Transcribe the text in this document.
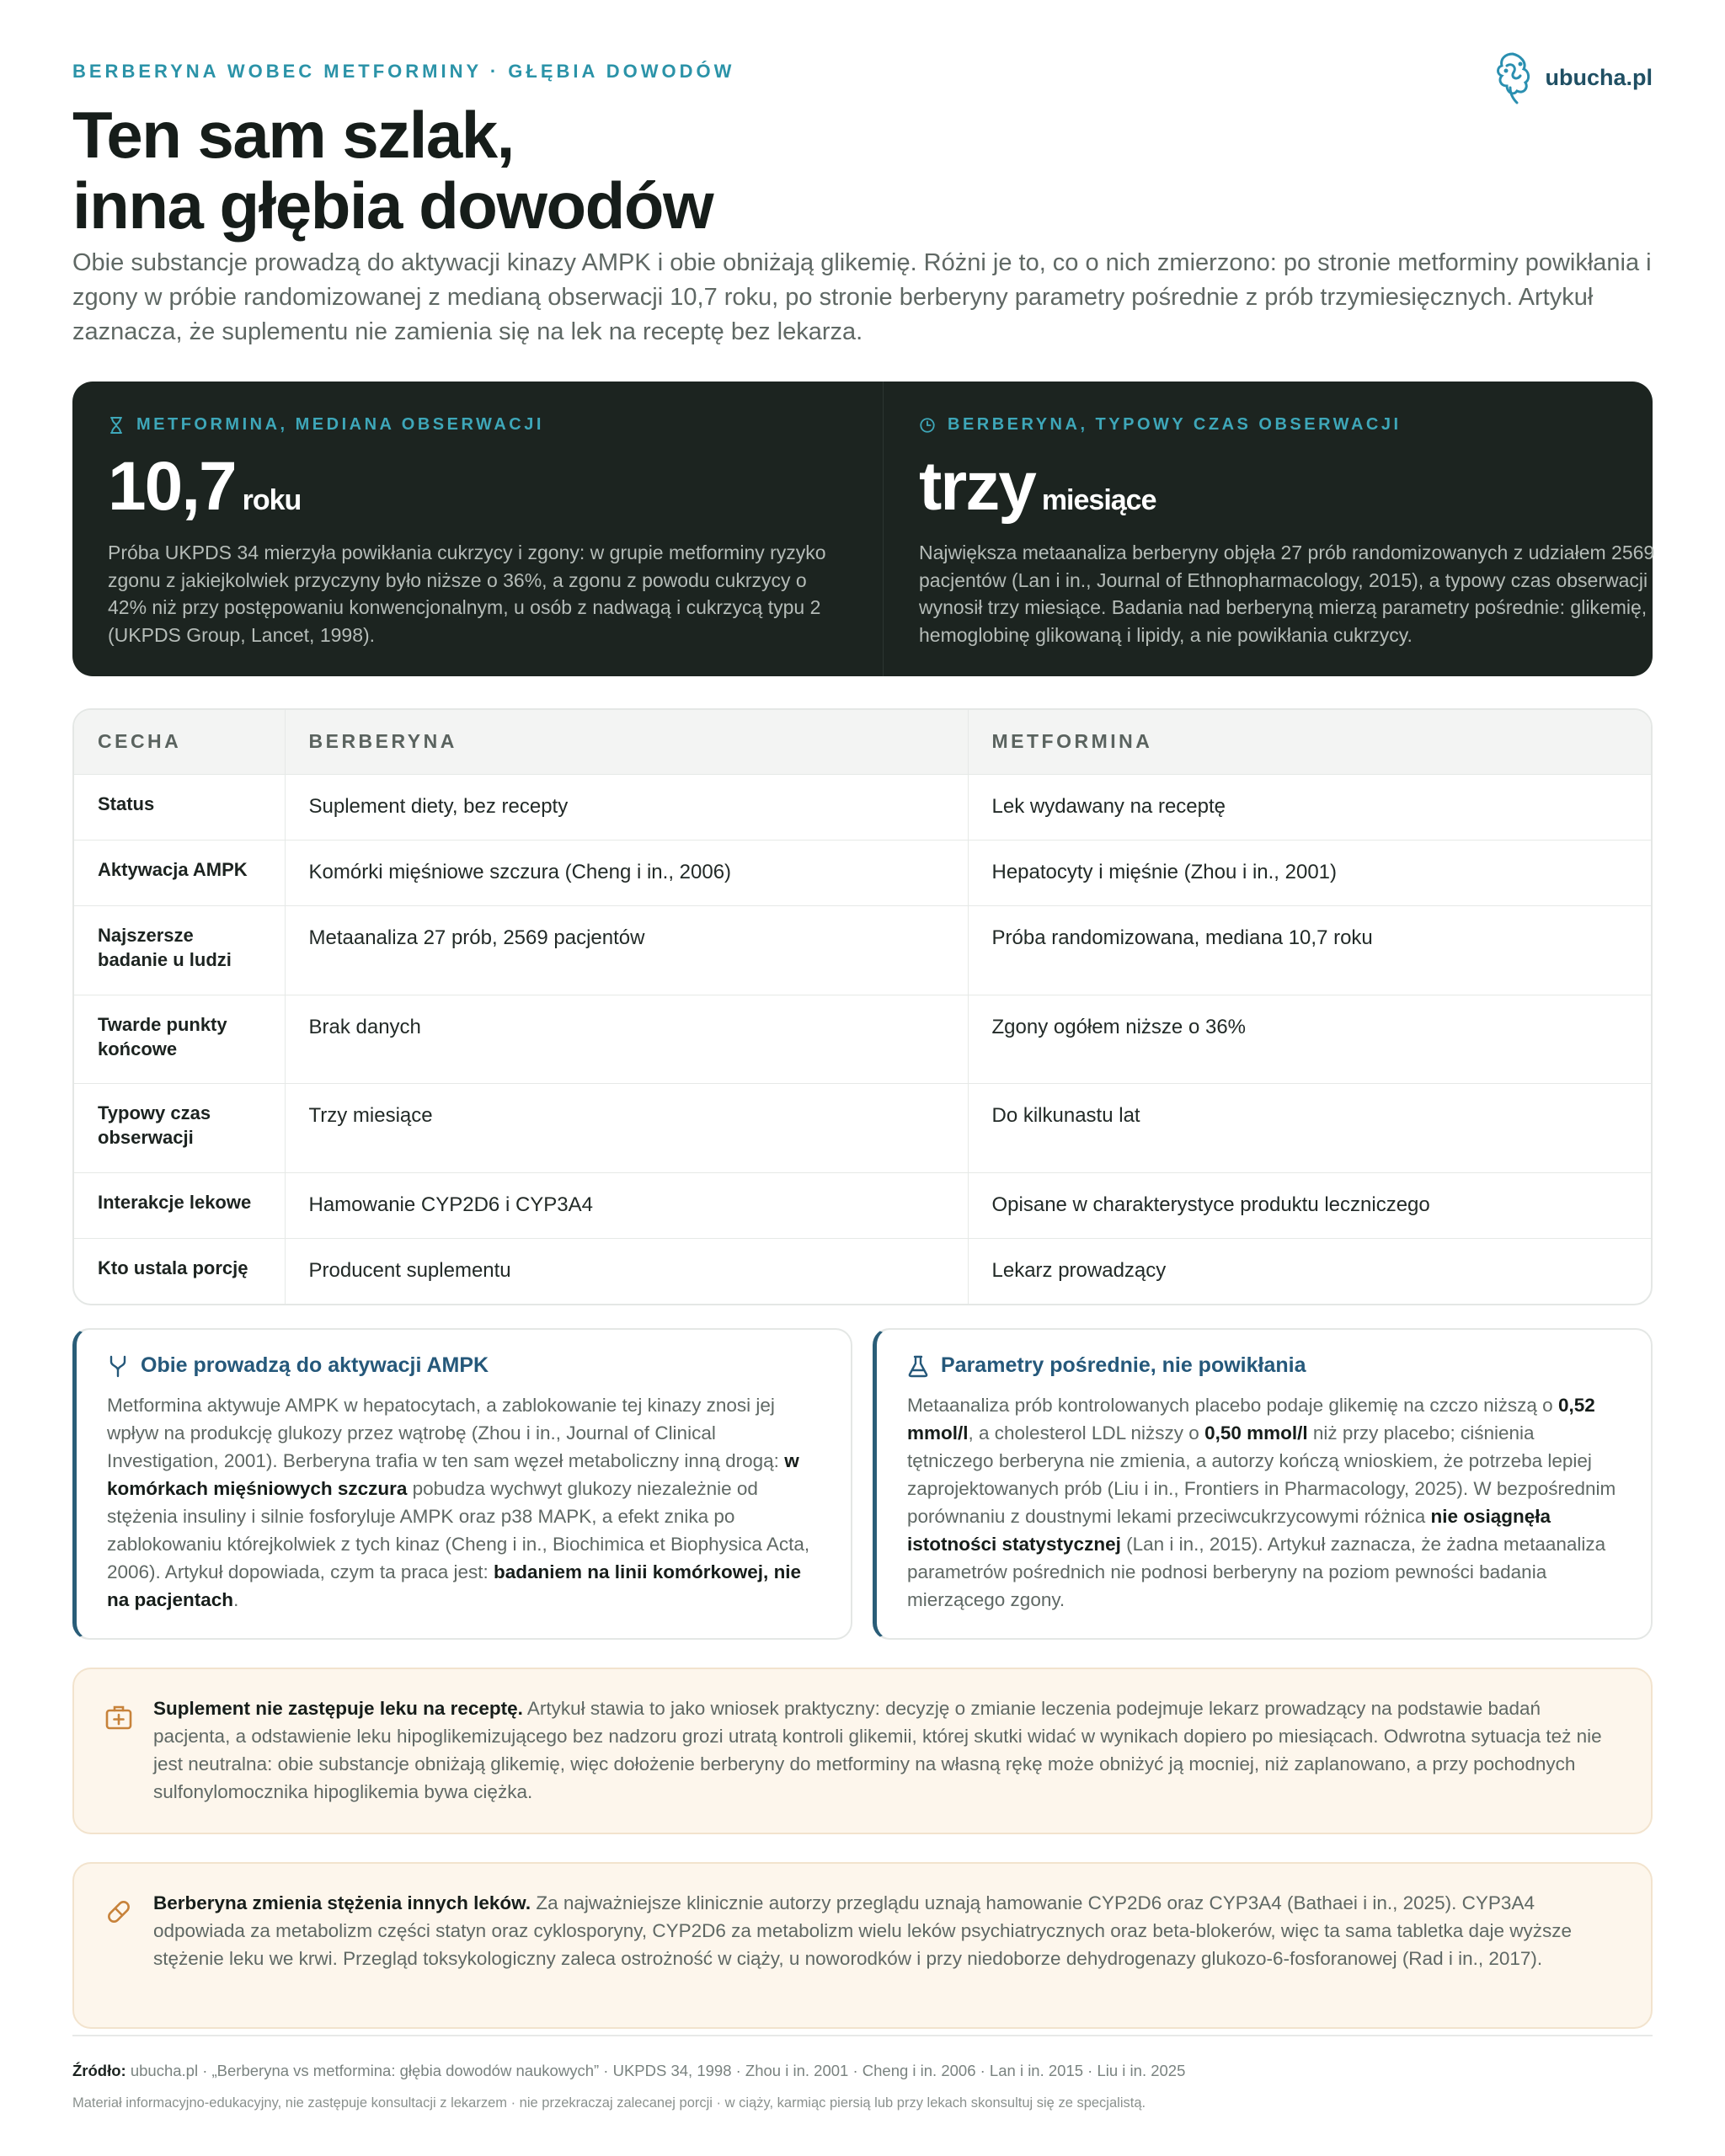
BERBERYNA WOBEC METFORMINY · GŁĘBIA DOWODÓW	ubucha.pl
Ten sam szlak,
inna głębia dowodów

Obie substancje prowadzą do aktywacji kinazy AMPK i obie obniżają glikemię. Różni je to, co o nich zmierzono: po stronie metforminy powikłania i zgony w próbie randomizowanej z medianą obserwacji 10,7 roku, po stronie berberyny parametry pośrednie z prób trzymiesięcznych. Artykuł zaznacza, że suplementu nie zamienia się na lek na receptę bez lekarza.

METFORMINA, MEDIANA OBSERWACJI
10,7 roku

Próba UKPDS 34 mierzyła powikłania cukrzycy i zgony: w grupie metforminy ryzyko zgonu z jakiejkolwiek przyczyny było niższe o 36%, a zgonu z powodu cukrzycy o 42% niż przy postępowaniu konwencjonalnym, u osób z nadwagą i cukrzycą typu 2 (UKPDS Group, Lancet, 1998).

BERBERYNA, TYPOWY CZAS OBSERWACJI
trzy miesiące

Największa metaanaliza berberyny objęła 27 prób randomizowanych z udziałem 2569 pacjentów (Lan i in., Journal of Ethnopharmacology, 2015), a typowy czas obserwacji wynosił trzy miesiące. Badania nad berberyną mierzą parametry pośrednie: glikemię, hemoglobinę glikowaną i lipidy, a nie powikłania cukrzycy.

CECHA	BERBERYNA	METFORMINA
Status	Suplement diety, bez recepty	Lek wydawany na receptę
Aktywacja AMPK	Komórki mięśniowe szczura (Cheng i in., 2006)	Hepatocyty i mięśnie (Zhou i in., 2001)
Najszersze badanie u ludzi	Metaanaliza 27 prób, 2569 pacjentów	Próba randomizowana, mediana 10,7 roku
Twarde punkty końcowe	Brak danych	Zgony ogółem niższe o 36%
Typowy czas obserwacji	Trzy miesiące	Do kilkunastu lat
Interakcje lekowe	Hamowanie CYP2D6 i CYP3A4	Opisane w charakterystyce produktu leczniczego
Kto ustala porcję	Producent suplementu	Lekarz prowadzący
Obie prowadzą do aktywacji AMPK

Metformina aktywuje AMPK w hepatocytach, a zablokowanie tej kinazy znosi jej wpływ na produkcję glukozy przez wątrobę (Zhou i in., Journal of Clinical Investigation, 2001). Berberyna trafia w ten sam węzeł metaboliczny inną drogą: w komórkach mięśniowych szczura pobudza wychwyt glukozy niezależnie od stężenia insuliny i silnie fosforyluje AMPK oraz p38 MAPK, a efekt znika po zablokowaniu którejkolwiek z tych kinaz (Cheng i in., Biochimica et Biophysica Acta, 2006). Artykuł dopowiada, czym ta praca jest: badaniem na linii komórkowej, nie na pacjentach.

Parametry pośrednie, nie powikłania

Metaanaliza prób kontrolowanych placebo podaje glikemię na czczo niższą o 0,52 mmol/l, a cholesterol LDL niższy o 0,50 mmol/l niż przy placebo; ciśnienia tętniczego berberyna nie zmienia, a autorzy kończą wnioskiem, że potrzeba lepiej zaprojektowanych prób (Liu i in., Frontiers in Pharmacology, 2025). W bezpośrednim porównaniu z doustnymi lekami przeciwcukrzycowymi różnica nie osiągnęła istotności statystycznej (Lan i in., 2015). Artykuł zaznacza, że żadna metaanaliza parametrów pośrednich nie podnosi berberyny na poziom pewności badania mierzącego zgony.

Suplement nie zastępuje leku na receptę. Artykuł stawia to jako wniosek praktyczny: decyzję o zmianie leczenia podejmuje lekarz prowadzący na podstawie badań pacjenta, a odstawienie leku hipoglikemizującego bez nadzoru grozi utratą kontroli glikemii, której skutki widać w wynikach dopiero po miesiącach. Odwrotna sytuacja też nie jest neutralna: obie substancje obniżają glikemię, więc dołożenie berberyny do metforminy na własną rękę może obniżyć ją mocniej, niż zaplanowano, a przy pochodnych sulfonylomocznika hipoglikemia bywa ciężka.

Berberyna zmienia stężenia innych leków. Za najważniejsze klinicznie autorzy przeglądu uznają hamowanie CYP2D6 oraz CYP3A4 (Bathaei i in., 2025). CYP3A4 odpowiada za metabolizm części statyn oraz cyklosporyny, CYP2D6 za metabolizm wielu leków psychiatrycznych oraz beta-blokerów, więc ta sama tabletka daje wyższe stężenie leku we krwi. Przegląd toksykologiczny zaleca ostrożność w ciąży, u noworodków i przy niedoborze dehydrogenazy glukozo-6-fosforanowej (Rad i in., 2017).

Źródło: ubucha.pl · „Berberyna vs metformina: głębia dowodów naukowych” · UKPDS 34, 1998 · Zhou i in. 2001 · Cheng i in. 2006 · Lan i in. 2015 · Liu i in. 2025

Materiał informacyjno-edukacyjny, nie zastępuje konsultacji z lekarzem · nie przekraczaj zalecanej porcji · w ciąży, karmiąc piersią lub przy lekach skonsultuj się ze specjalistą.
